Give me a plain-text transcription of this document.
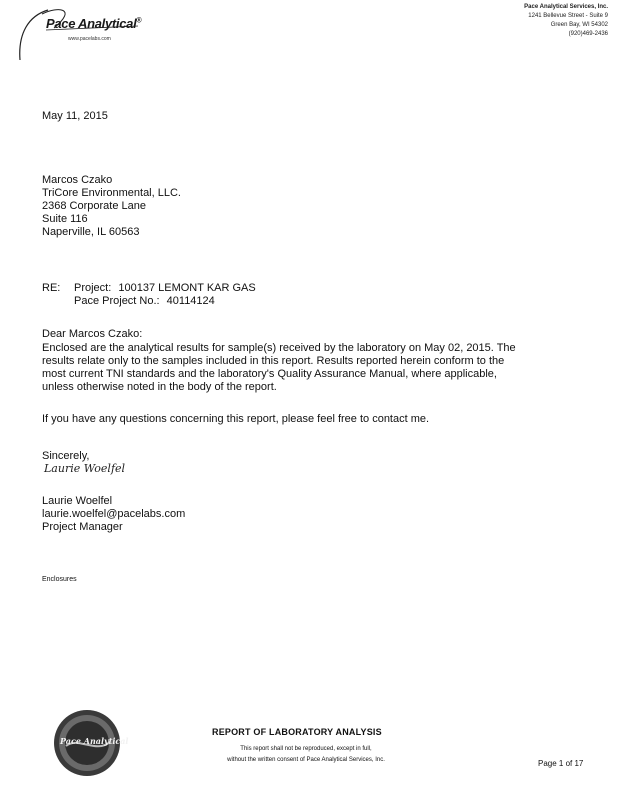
Pace Analytical®
www.pacelabs.com
Pace Analytical Services, Inc.
1241 Bellevue Street - Suite 9
Green Bay, WI 54302
(920)469-2436
May 11, 2015
Marcos Czako
TriCore Environmental, LLC.
2368 Corporate Lane
Suite 116
Naperville, IL 60563
RE: Project: 100137 LEMONT KAR GAS
Pace Project No.: 40114124
Dear Marcos Czako:
Enclosed are the analytical results for sample(s) received by the laboratory on May 02, 2015. The results relate only to the samples included in this report. Results reported herein conform to the most current TNI standards and the laboratory's Quality Assurance Manual, where applicable, unless otherwise noted in the body of the report.
If you have any questions concerning this report, please feel free to contact me.
Sincerely,
Laurie Woelfel
Laurie Woelfel
laurie.woelfel@pacelabs.com
Project Manager
Enclosures
Pace Analytical
REPORT OF LABORATORY ANALYSIS
This report shall not be reproduced, except in full,
without the written consent of Pace Analytical Services, Inc.	Page 1 of 17
